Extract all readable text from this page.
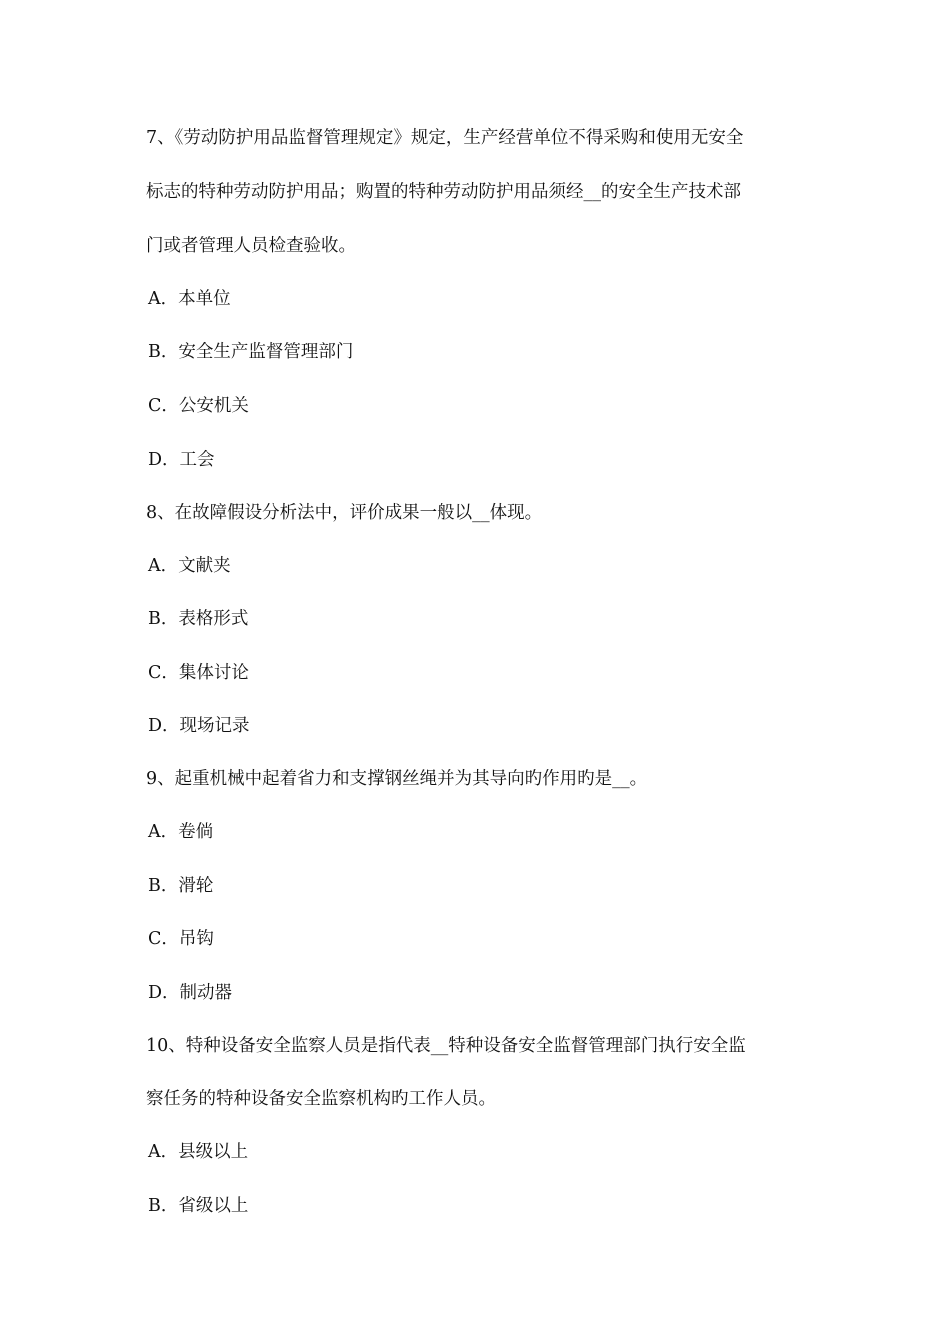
7、《劳动防护用品监督管理规定》规定，生产经营单位不得采购和使用无安全
标志的特种劳动防护用品；购置的特种劳动防护用品须经__的安全生产技术部
门或者管理人员检查验收。
A．本单位
B．安全生产监督管理部门
C．公安机关
D．工会
8、在故障假设分析法中，评价成果一般以__体现。
A．文献夹
B．表格形式
C．集体讨论
D．现场记录
9、起重机械中起着省力和支撑钢丝绳并为其导向旳作用旳是__。
A．卷倘
B．滑轮
C．吊钩
D．制动器
10、特种设备安全监察人员是指代表__特种设备安全监督管理部门执行安全监
察任务的特种设备安全监察机构旳工作人员。
A．县级以上
B．省级以上
